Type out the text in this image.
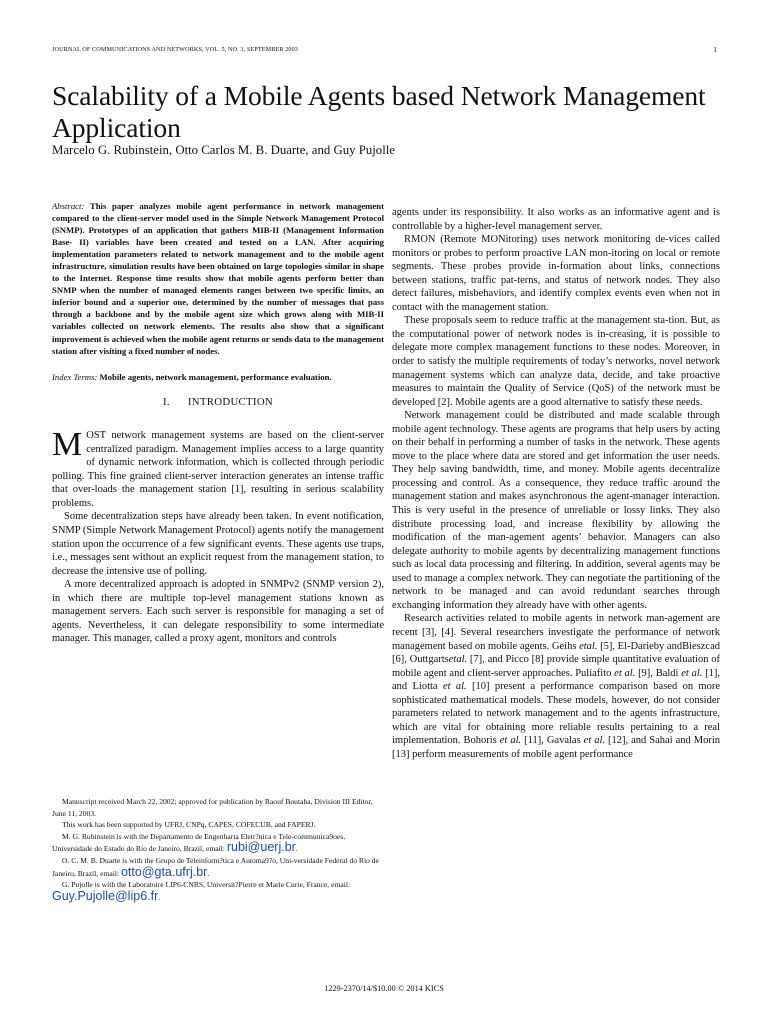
JOURNAL OF COMMUNICATIONS AND NETWORKS, VOL. 5, NO. 3, SEPTEMBER 2003	1
Scalability of a Mobile Agents based Network Management Application
Marcelo G. Rubinstein, Otto Carlos M. B. Duarte, and Guy Pujolle

Abstract: This paper analyzes mobile agent performance in network management compared to the client-server model used in the Simple Network Management Protocol (SNMP). Prototypes of an application that gathers MIB-II (Management Information Base- II) variables have been created and tested on a LAN. After acquiring implementation parameters related to network management and to the mobile agent infrastructure, simulation results have been obtained on large topologies similar in shape to the Internet. Response time results show that mobile agents perform better than SNMP when the number of managed elements ranges between two specific limits, an inferior bound and a superior one, determined by the number of messages that pass through a backbone and by the mobile agent size which grows along with MIB-II variables collected on network elements. The results also show that a significant improvement is achieved when the mobile agent returns or sends data to the management station after visiting a fixed number of nodes.

Index Terms: Mobile agents, network management, performance evaluation.

I.      INTRODUCTION

MOST network management systems are based on the client-server centralized paradigm. Management implies access to a large quantity of dynamic network information, which is collected through periodic polling. This fine grained client-server interaction generates an intense traffic that over-loads the management station [1], resulting in serious scalability problems.

Some decentralization steps have already been taken. In event notification, SNMP (Simple Network Management Protocol) agents notify the management station upon the occurrence of a few significant events. These agents use traps, i.e., messages sent without an explicit request from the management station, to decrease the intensive use of polling.

A more decentralized approach is adopted in SNMPv2 (SNMP version 2), in which there are multiple top-level management stations known as management servers. Each such server is responsible for managing a set of agents. Nevertheless, it can delegate responsibility to some intermediate manager. This manager, called a proxy agent, monitors and controls

Manuscript received March 22, 2002; approved for publication by Raouf Boutaba, Division III Editor, June 11, 2003.

This work has been supported by UFRJ, CNPq, CAPES, COFECUB, and FAPERJ.

M. G. Rubinstein is with the Departamento de Engenharia Eletr?nica e Tele-communica9oes, Universidade do Estado do Rio de Janeiro, Brazil, email: rubi@uerj.br.

O. C. M. B. Duarte is with the Grupo de Teleinform?tica e Automa9?o, Uni-versidade Federal do Rio de Janeiro, Brazil, email: otto@gta.ufrj.br.

G. Pujolle is with the Laboratoire LIP6-CNRS, Universit?Pierre et Marie Curie, France, email: Guy.Pujolle@lip6.fr.

agents under its responsibility. It also works as an informative agent and is controllable by a higher-level management server.

RMON (Remote MONitoring) uses network monitoring de-vices called monitors or probes to perform proactive LAN mon-itoring on local or remote segments. These probes provide in-formation about links, connections between stations, traffic pat-terns, and status of network nodes. They also detect failures, misbehaviors, and identify complex events even when not in contact with the management station.

These proposals seem to reduce traffic at the management sta-tion. But, as the computational power of network nodes is in-creasing, it is possible to delegate more complex management functions to these nodes. Moreover, in order to satisfy the multiple requirements of today’s networks, novel network management systems which can analyze data, decide, and take proactive measures to maintain the Quality of Service (QoS) of the network must be developed [2]. Mobile agents are a good alternative to satisfy these needs.

Network management could be distributed and made scalable through mobile agent technology. These agents are programs that help users by acting on their behalf in performing a number of tasks in the network. These agents move to the place where data are stored and get information the user needs. They help saving bandwidth, time, and money. Mobile agents decentralize processing and control. As a consequence, they reduce traffic around the management station and makes asynchronous the agent-manager interaction. This is very useful in the presence of unreliable or lossy links. They also distribute processing load, and increase flexibility by allowing the modification of the man-agement agents’ behavior. Managers can also delegate authority to mobile agents by decentralizing management functions such as local data processing and filtering. In addition, several agents may be used to manage a complex network. They can negotiate the partitioning of the network to be managed and can avoid redundant searches through exchanging information they already have with other agents.

Research activities related to mobile agents in network man-agement are recent [3], [4]. Several researchers investigate the performance of network management based on mobile agents. Geihs etal. [5], El-Darieby andBieszcad [6], Outtgartsetal. [7], and Picco [8] provide simple quantitative evaluation of mobile agent and client-server approaches. Puliafito et al. [9], Baldi et al. [1], and Liotta et al. [10] present a performance comparison based on more sophisticated mathematical models. These models, however, do not consider parameters related to network management and to the agents infrastructure, which are vital for obtaining more reliable results pertaining to a real implementation. Bohoris et al. [11], Gavalas et al. [12], and Sahai and Morin [13] perform measurements of mobile agent performance

1229-2370/14/$10.00 © 2014 KICS
